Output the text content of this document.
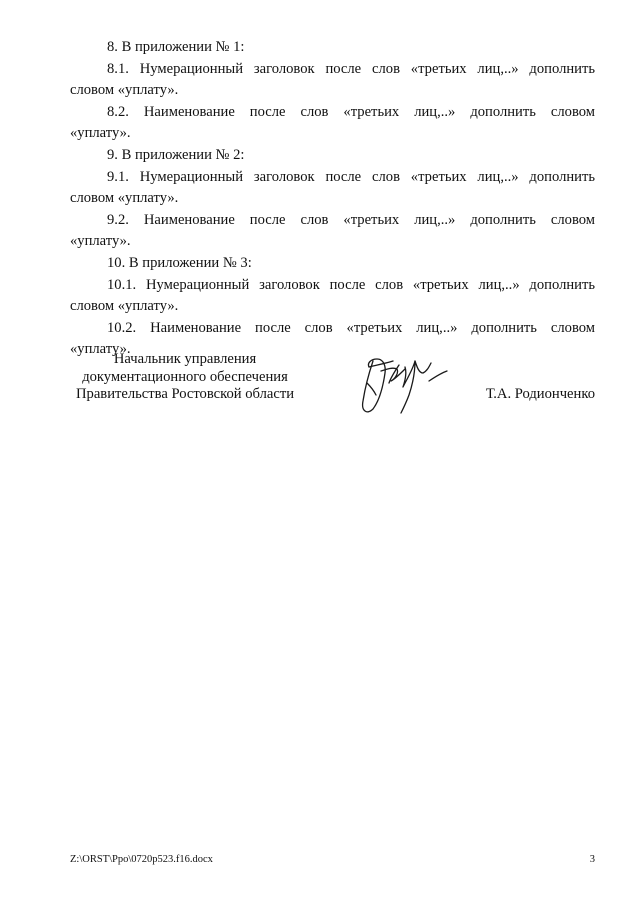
8. В приложении № 1:

8.1. Нумерационный заголовок после слов «третьих лиц,..» дополнить

словом «уплату».

8.2. Наименование после слов «третьих лиц,..» дополнить словом

«уплату».

9. В приложении № 2:

9.1. Нумерационный заголовок после слов «третьих лиц,..» дополнить

словом «уплату».

9.2. Наименование после слов «третьих лиц,..» дополнить словом

«уплату».

10. В приложении № 3:

10.1. Нумерационный заголовок после слов «третьих лиц,..» дополнить

словом «уплату».

10.2. Наименование после слов «третьих лиц,..» дополнить словом

«уплату».

Начальник управления
документационного обеспечения
Правительства Ростовской области	Т.А. Родионченко
Z:\ORST\Ppo\0720p523.f16.docx	3
